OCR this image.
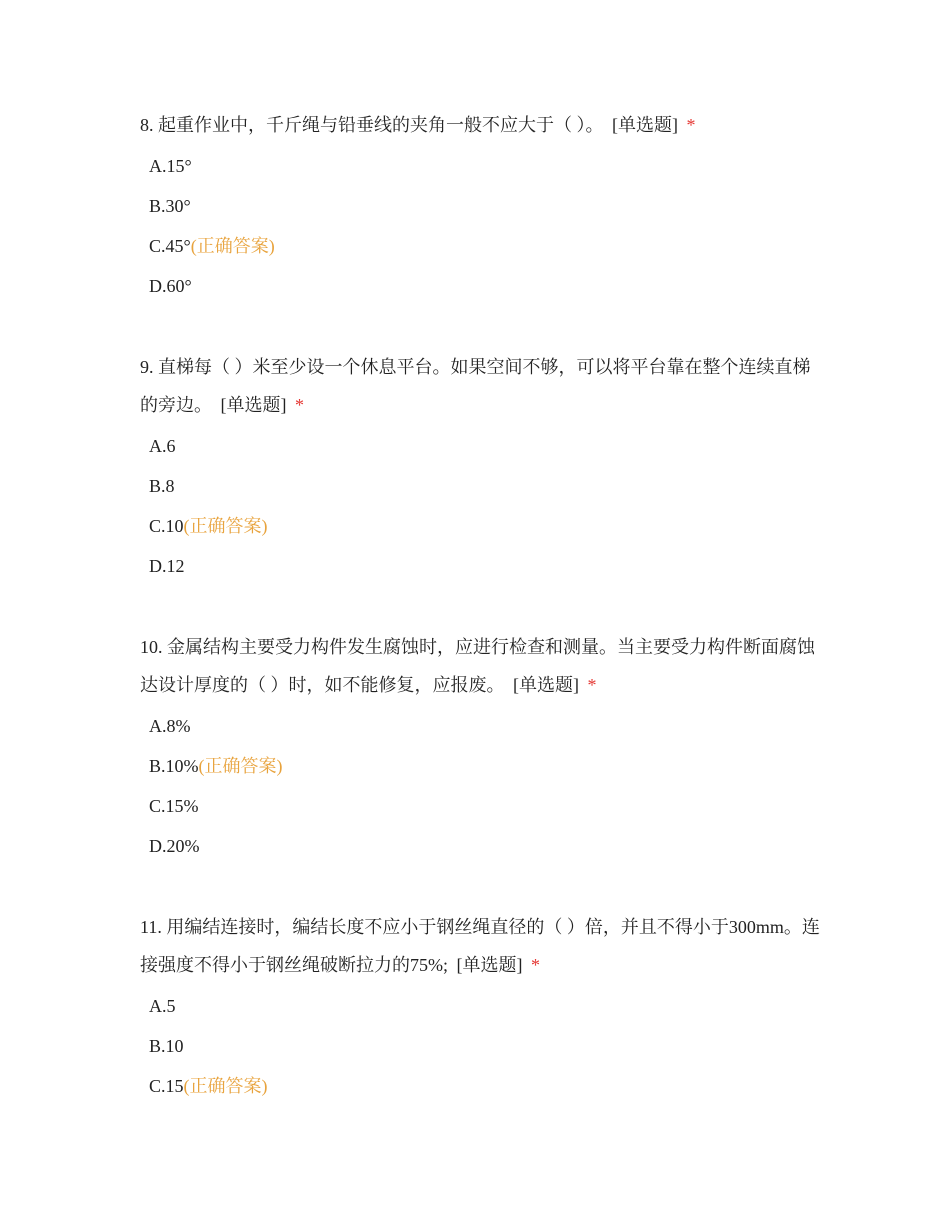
8. 起重作业中，千斤绳与铅垂线的夹角一般不应大于（ ）。 [单选题] *

A.15°
B.30°
C.45°(正确答案)
D.60°

9. 直梯每（ ）米至少设一个休息平台。如果空间不够，可以将平台靠在整个连续直梯的旁边。 [单选题] *

A.6
B.8
C.10(正确答案)
D.12

10. 金属结构主要受力构件发生腐蚀时，应进行检查和测量。当主要受力构件断面腐蚀达设计厚度的（ ）时，如不能修复，应报废。 [单选题] *

A.8%
B.10%(正确答案)
C.15%
D.20%

11. 用编结连接时，编结长度不应小于钢丝绳直径的（ ）倍，并且不得小于300mm。连接强度不得小于钢丝绳破断拉力的75%; [单选题] *

A.5
B.10
C.15(正确答案)
